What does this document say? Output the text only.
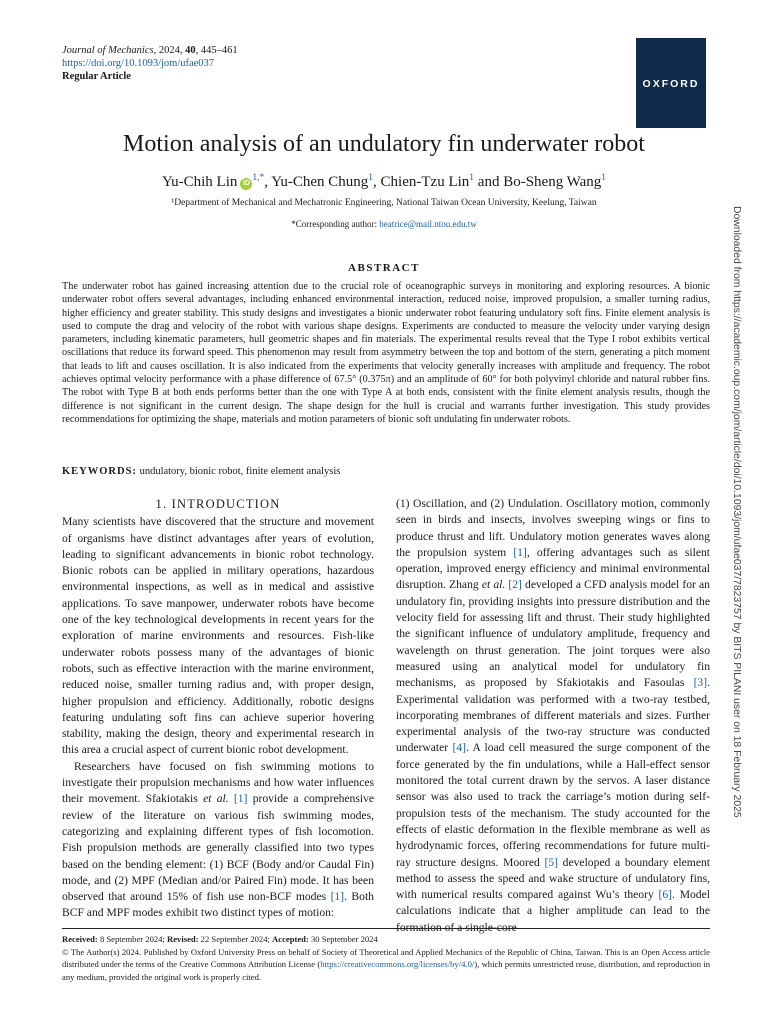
Journal of Mechanics, 2024, 40, 445–461
https://doi.org/10.1093/jom/ufae037
Regular Article
OXFORD
Motion analysis of an undulatory fin underwater robot
Yu-Chih Lin $iD^{1,*}$, Yu-Chen Chung$^1$, Chien-Tzu Lin$^1$ and Bo-Sheng Wang$^1$
¹Department of Mechanical and Mechatronic Engineering, National Taiwan Ocean University, Keelung, Taiwan
*Corresponding author: beatrice@mail.ntou.edu.tw
ABSTRACT
The underwater robot has gained increasing attention due to the crucial role of oceanographic surveys in monitoring and exploring resources. A bionic underwater robot offers several advantages, including enhanced environmental interaction, reduced noise, improved propulsion, a smaller turning radius, higher efficiency and greater stability. This study designs and investigates a bionic underwater robot featuring undulatory soft fins. Finite element analysis is used to compute the drag and velocity of the robot with various shape designs. Experiments are conducted to measure the velocity under varying design parameters, including kinematic parameters, hull geometric shapes and fin materials. The experimental results reveal that the Type I robot exhibits vertical oscillations that reduce its forward speed. This phenomenon may result from asymmetry between the top and bottom of the stern, generating a pitch moment that leads to lift and causes oscillation. It is also indicated from the experiments that velocity generally increases with amplitude and frequency. The robot achieves optimal velocity performance with a phase difference of 67.5° (0.375π) and an amplitude of 60° for both polyvinyl chloride and natural rubber fins. The robot with Type B at both ends performs better than the one with Type A at both ends, consistent with the finite element analysis results, though the difference is not significant in the current design. The shape design for the hull is crucial and warrants further investigation. This study provides recommendations for optimizing the shape, materials and motion parameters of bionic soft undulating fin underwater robots.
KEYWORDS: undulatory, bionic robot, finite element analysis
1. INTRODUCTION

Many scientists have discovered that the structure and movement of organisms have distinct advantages after years of evolution, leading to significant advancements in bionic robot technology. Bionic robots can be applied in military operations, hazardous environmental inspections, as well as in medical and assistive applications. To save manpower, underwater robots have become one of the key technological developments in recent years for the exploration of marine environments and resources. Fish-like underwater robots possess many of the advantages of bionic robots, such as effective interaction with the marine environment, reduced noise, smaller turning radius and, with proper design, higher propulsion and efficiency. Additionally, robotic designs featuring undulating soft fins can achieve superior hovering stability, making the design, theory and experimental research in this area a crucial aspect of current bionic robot development.

Researchers have focused on fish swimming motions to investigate their propulsion mechanisms and how water influences their movement. Sfakiotakis et al. [1] provide a comprehensive review of the literature on various fish swimming modes, categorizing and explaining different types of fish locomotion. Fish propulsion methods are generally classified into two types based on the bending element: (1) BCF (Body and/or Caudal Fin) mode, and (2) MPF (Median and/or Paired Fin) mode. It has been observed that around 15% of fish use non-BCF modes [1]. Both BCF and MPF modes exhibit two distinct types of motion:

(1) Oscillation, and (2) Undulation. Oscillatory motion, commonly seen in birds and insects, involves sweeping wings or fins to produce thrust and lift. Undulatory motion generates waves along the propulsion system [1], offering advantages such as silent operation, improved energy efficiency and minimal environmental disruption. Zhang et al. [2] developed a CFD analysis model for an undulatory fin, providing insights into pressure distribution and the velocity field for assessing lift and thrust. Their study highlighted the significant influence of undulatory amplitude, frequency and wavelength on thrust generation. The joint torques were also measured using an analytical model for undulatory fin mechanisms, as proposed by Sfakiotakis and Fasoulas [3]. Experimental validation was performed with a two-ray testbed, incorporating membranes of different materials and sizes. Further experimental analysis of the two-ray structure was conducted underwater [4]. A load cell measured the surge component of the force generated by the fin undulations, while a Hall-effect sensor monitored the total current drawn by the servos. A laser distance sensor was also used to track the carriage’s motion during self-propulsion tests of the mechanism. The study accounted for the effects of elastic deformation in the flexible membrane as well as hydrodynamic forces, offering recommendations for future multi-ray structure designs. Moored [5] developed a boundary element method to assess the speed and wake structure of undulatory fins, with numerical results compared against Wu’s theory [6]. Model calculations indicate that a higher amplitude can lead to the formation of a single-core

Received: 8 September 2024; Revised: 22 September 2024; Accepted: 30 September 2024
© The Author(s) 2024. Published by Oxford University Press on behalf of Society of Theoretical and Applied Mechanics of the Republic of China, Taiwan. This is an Open Access article distributed under the terms of the Creative Commons Attribution License (https://creativecommons.org/licenses/by/4.0/), which permits unrestricted reuse, distribution, and reproduction in any medium, provided the original work is properly cited.
Downloaded from https://academic.oup.com/jom/article/doi/10.1093/jom/ufae037/7823757 by BITS PILANI user on 18 February 2025
